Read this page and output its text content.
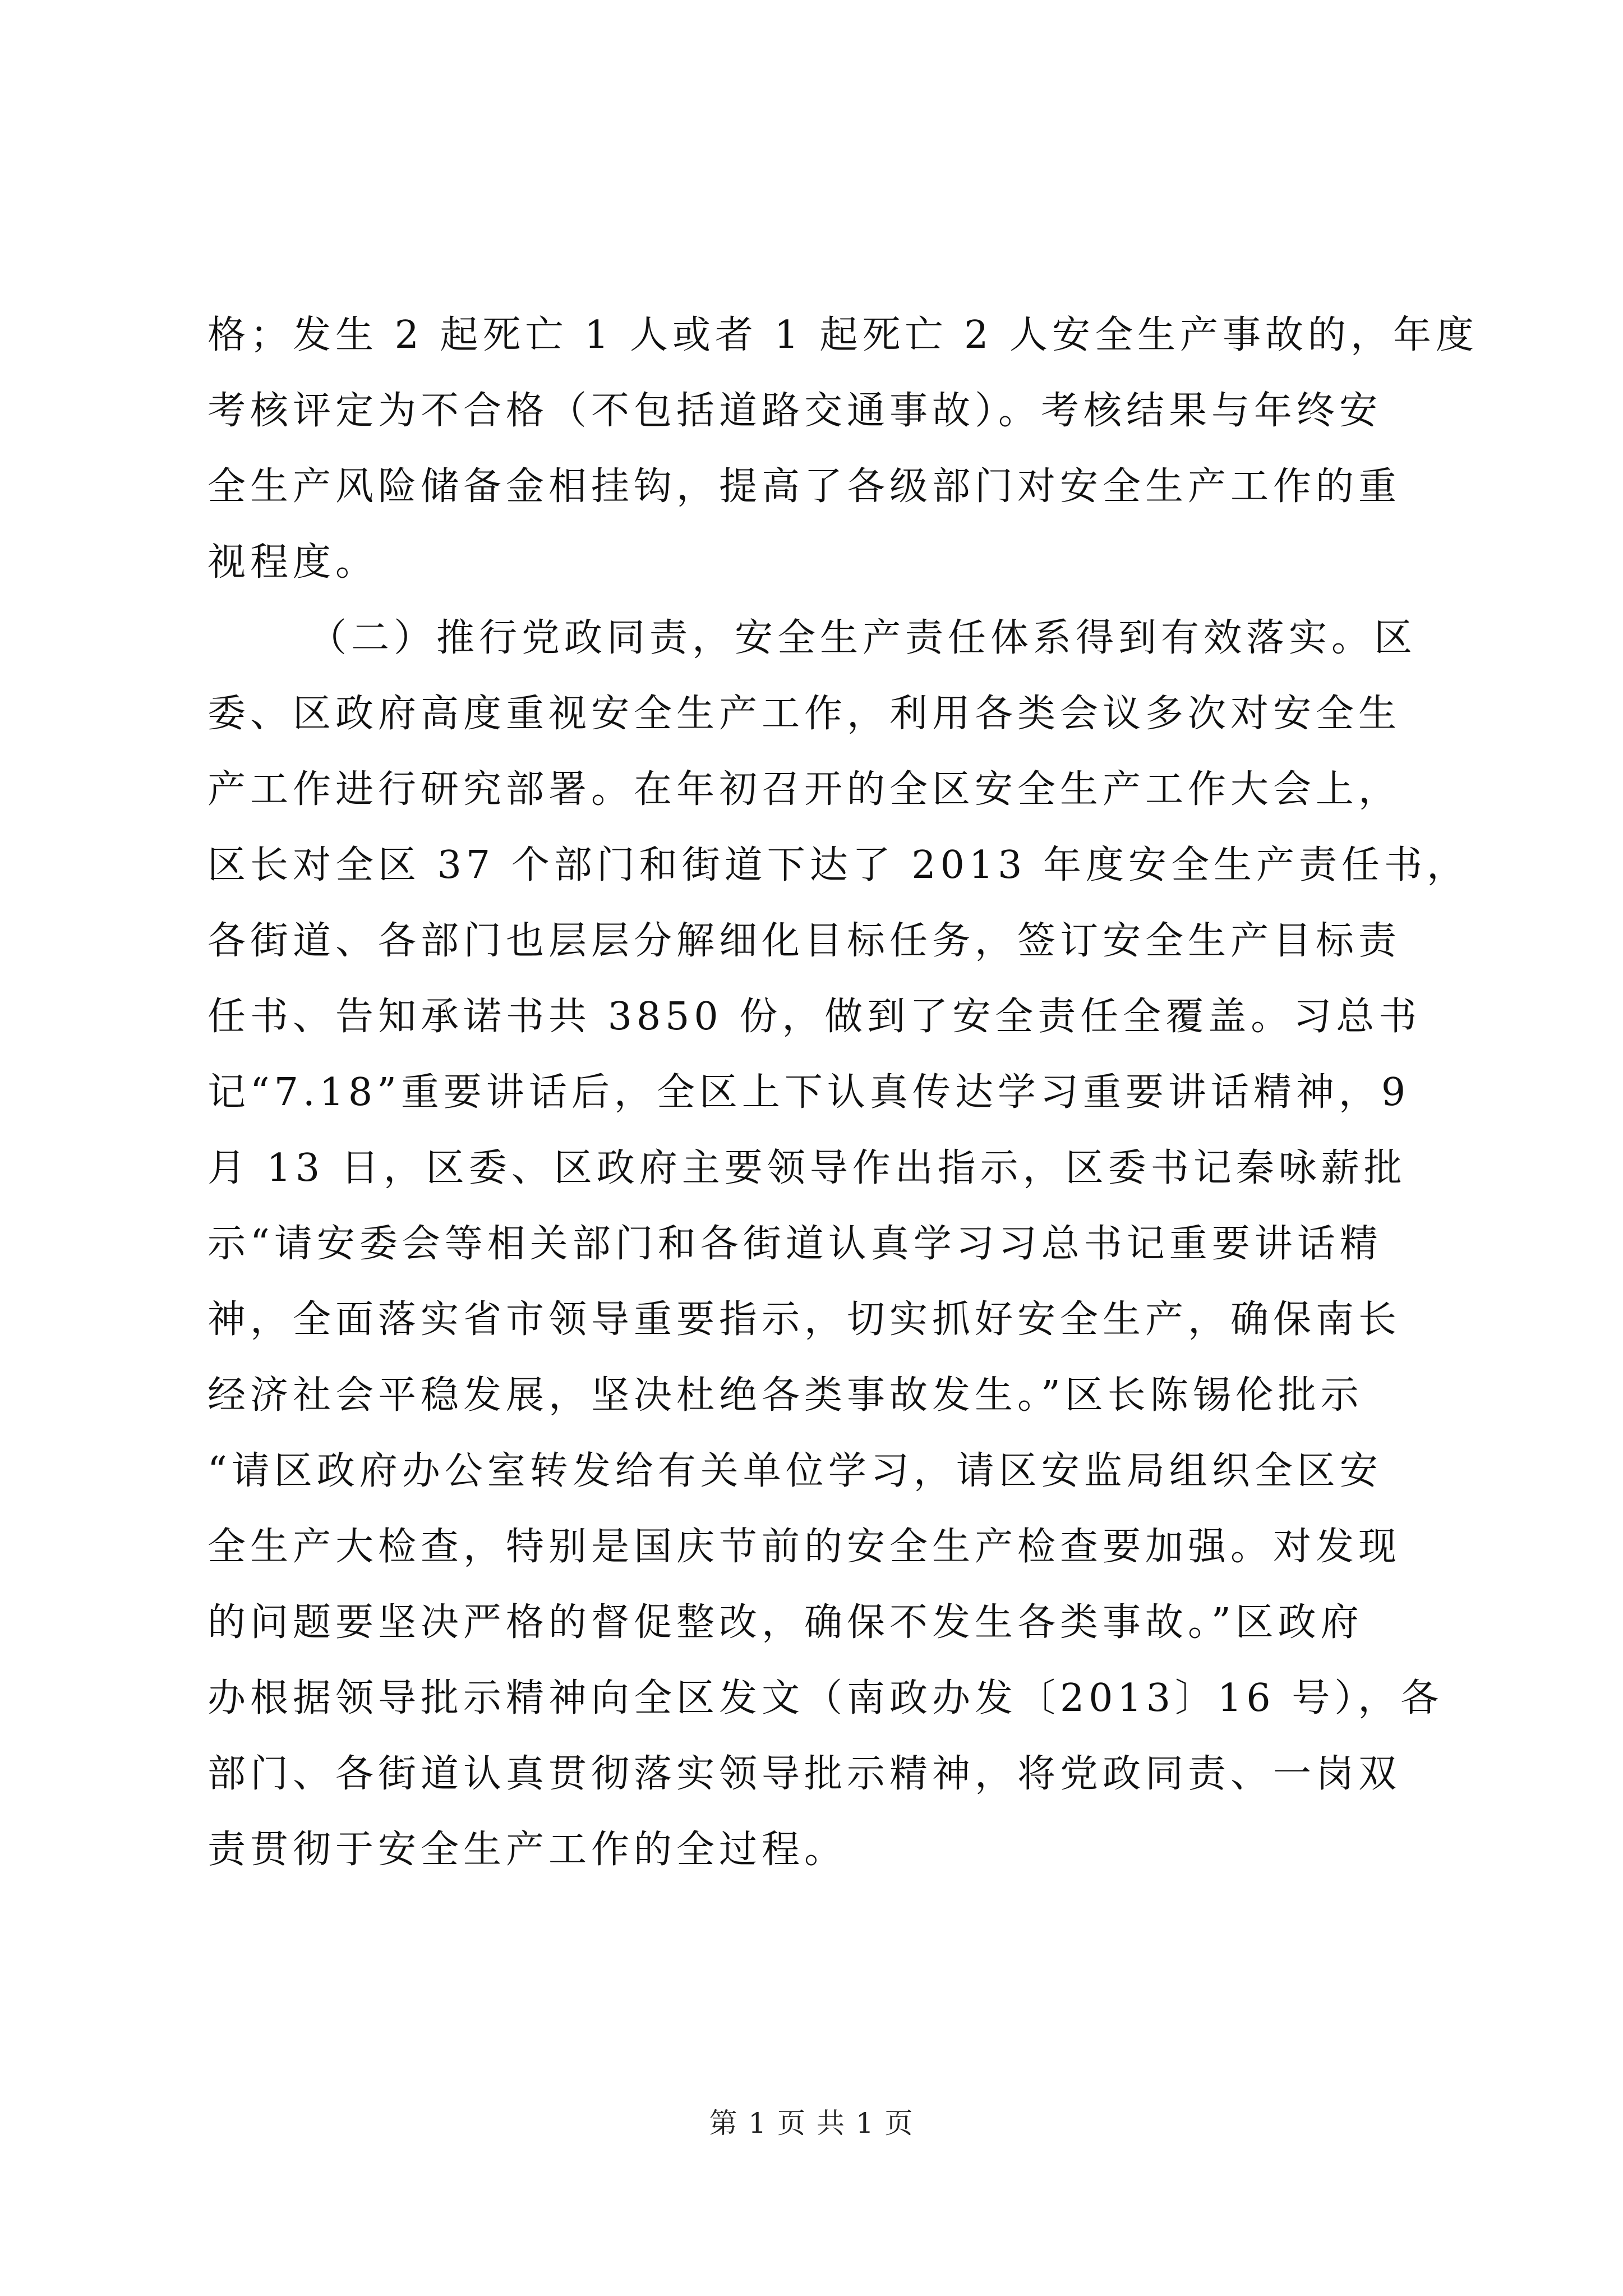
格；发生 2 起死亡 1 人或者 1 起死亡 2 人安全生产事故的，年度
考核评定为不合格（不包括道路交通事故）。考核结果与年终安
全生产风险储备金相挂钩，提高了各级部门对安全生产工作的重
视程度。
（二）推行党政同责，安全生产责任体系得到有效落实。区
委、区政府高度重视安全生产工作，利用各类会议多次对安全生
产工作进行研究部署。在年初召开的全区安全生产工作大会上，
区长对全区 37 个部门和街道下达了 2013 年度安全生产责任书，
各街道、各部门也层层分解细化目标任务，签订安全生产目标责
任书、告知承诺书共 3850 份，做到了安全责任全覆盖。习总书
记“7.18”重要讲话后，全区上下认真传达学习重要讲话精神，9
月 13 日，区委、区政府主要领导作出指示，区委书记秦咏薪批
示“请安委会等相关部门和各街道认真学习习总书记重要讲话精
神，全面落实省市领导重要指示，切实抓好安全生产，确保南长
经济社会平稳发展，坚决杜绝各类事故发生。”区长陈锡伦批示
“请区政府办公室转发给有关单位学习，请区安监局组织全区安
全生产大检查，特别是国庆节前的安全生产检查要加强。对发现
的问题要坚决严格的督促整改，确保不发生各类事故。”区政府
办根据领导批示精神向全区发文（南政办发〔2013〕16 号），各
部门、各街道认真贯彻落实领导批示精神，将党政同责、一岗双
责贯彻于安全生产工作的全过程。
第 1 页 共 1 页
